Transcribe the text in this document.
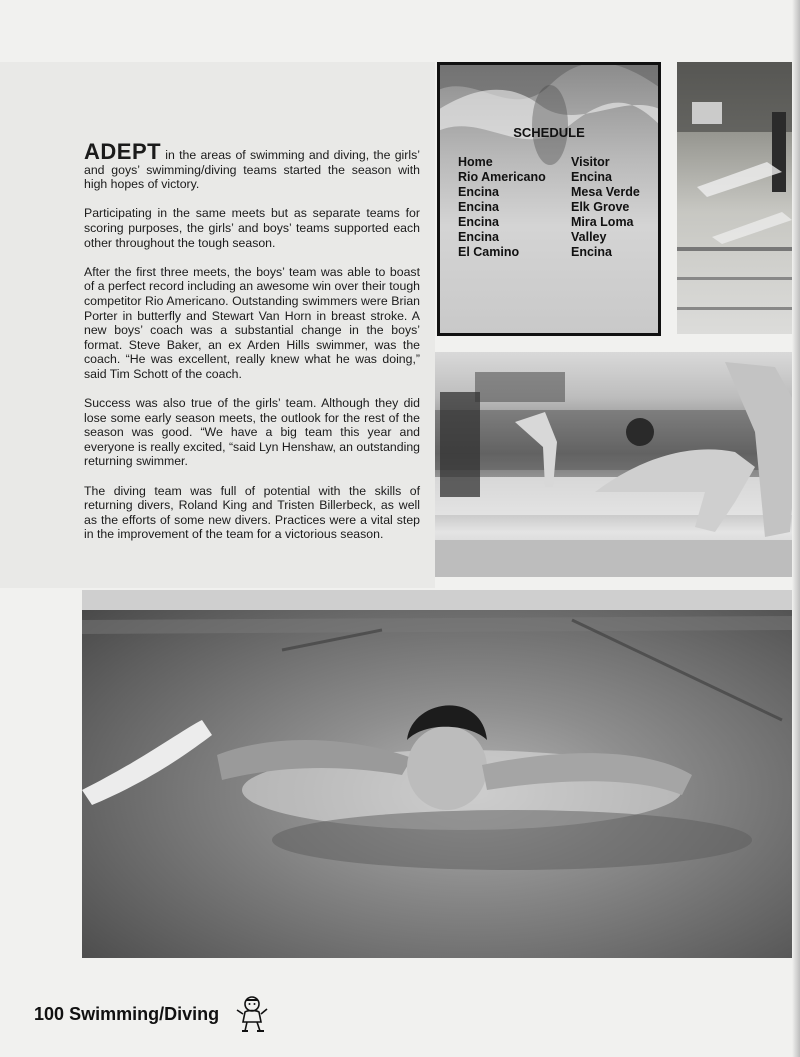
ADEPT in the areas of swimming and diving, the girls’ and goys’ swimming/diving teams started the season with high hopes of victory.

Participating in the same meets but as separate teams for scoring purposes, the girls’ and boys’ teams supported each other throughout the tough season.

After the first three meets, the boys’ team was able to boast of a perfect record including an awesome win over their tough competitor Rio Americano. Outstanding swimmers were Brian Porter in butterfly and Stewart Van Horn in breast stroke. A new boys’ coach was a substantial change in the boys’ format. Steve Baker, an ex Arden Hills swimmer, was the coach. “He was excellent, really knew what he was doing,” said Tim Schott of the coach.

Success was also true of the girls’ team. Although they did lose some early season meets, the outlook for the rest of the season was good. “We have a big team this year and everyone is really excited, “said Lyn Henshaw, an outstanding returning swimmer.

The diving team was full of potential with the skills of returning divers, Roland King and Tristen Billerbeck, as well as the efforts of some new divers. Practices were a vital step in the improvement of the team for a victorious season.

SCHEDULE
Home
Rio Americano
Encina
Encina
Encina
Encina
El Camino
Visitor
Encina
Mesa Verde
Elk Grove
Mira Loma
Valley
Encina
100 Swimming/Diving
